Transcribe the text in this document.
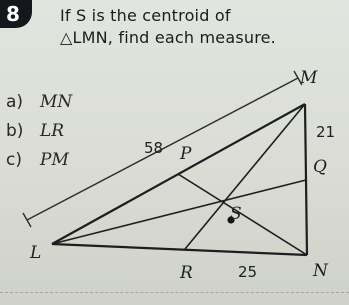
8	If S is the centroid of
△LMN, find each measure.

a) MN
b) LR
c) PM
M
L
N
P
Q
R
S
58
21
25
